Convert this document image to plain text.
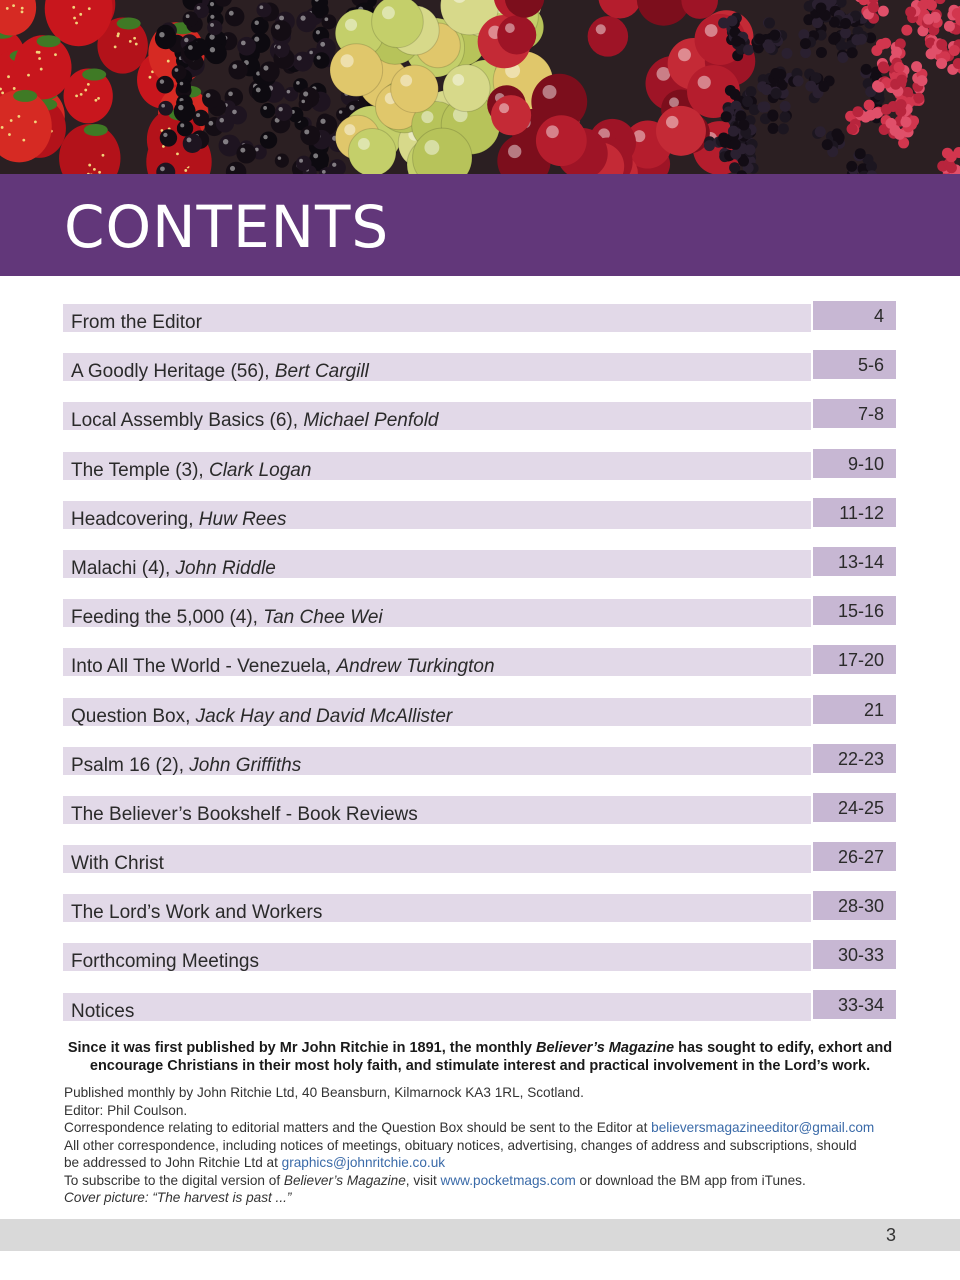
CONTENTS
From the Editor	4
A Goodly Heritage (56), Bert Cargill	5-6
Local Assembly Basics (6), Michael Penfold	7-8
The Temple (3), Clark Logan	9-10
Headcovering, Huw Rees	11-12
Malachi (4), John Riddle	13-14
Feeding the 5,000 (4), Tan Chee Wei	15-16
Into All The World - Venezuela, Andrew Turkington	17-20
Question Box, Jack Hay and David McAllister	21
Psalm 16 (2), John Griffiths	22-23
The Believer’s Bookshelf - Book Reviews	24-25
With Christ	26-27
The Lord’s Work and Workers	28-30
Forthcoming Meetings	30-33
Notices	33-34

Since it was first published by Mr John Ritchie in 1891, the monthly Believer’s Magazine has sought to edify, exhort and encourage Christians in their most holy faith, and stimulate interest and practical involvement in the Lord’s work.

Published monthly by John Ritchie Ltd, 40 Beansburn, Kilmarnock KA3 1RL, Scotland.

Editor: Phil Coulson.

Correspondence relating to editorial matters and the Question Box should be sent to the Editor at believersmagazineeditor@gmail.com

All other correspondence, including notices of meetings, obituary notices, advertising, changes of address and subscriptions, should

be addressed to John Ritchie Ltd at graphics@johnritchie.co.uk

To subscribe to the digital version of Believer’s Magazine, visit www.pocketmags.com or download the BM app from iTunes.

Cover picture: “The harvest is past ...”

3
